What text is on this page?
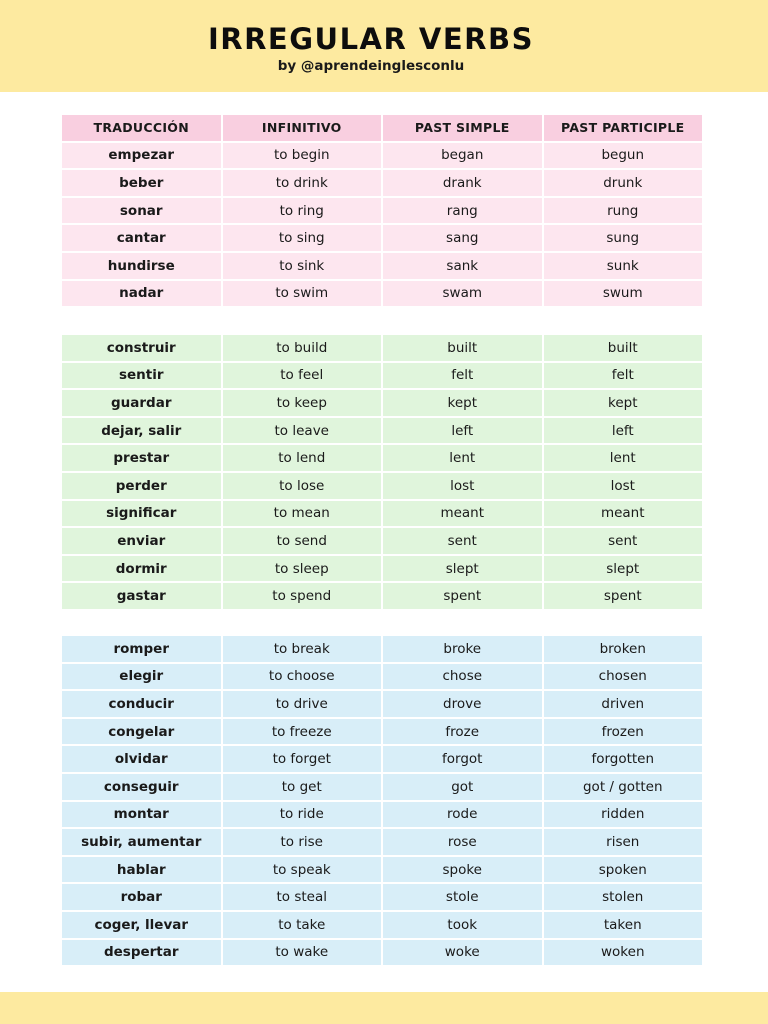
IRREGULAR VERBS
by @aprendeinglesconlu
TRADUCCIÓN	INFINITIVO	PAST SIMPLE	PAST PARTICIPLE
empezar	to begin	began	begun
beber	to drink	drank	drunk
sonar	to ring	rang	rung
cantar	to sing	sang	sung
hundirse	to sink	sank	sunk
nadar	to swim	swam	swum
construir	to build	built	built
sentir	to feel	felt	felt
guardar	to keep	kept	kept
dejar, salir	to leave	left	left
prestar	to lend	lent	lent
perder	to lose	lost	lost
significar	to mean	meant	meant
enviar	to send	sent	sent
dormir	to sleep	slept	slept
gastar	to spend	spent	spent
romper	to break	broke	broken
elegir	to choose	chose	chosen
conducir	to drive	drove	driven
congelar	to freeze	froze	frozen
olvidar	to forget	forgot	forgotten
conseguir	to get	got	got / gotten
montar	to ride	rode	ridden
subir, aumentar	to rise	rose	risen
hablar	to speak	spoke	spoken
robar	to steal	stole	stolen
coger, llevar	to take	took	taken
despertar	to wake	woke	woken
